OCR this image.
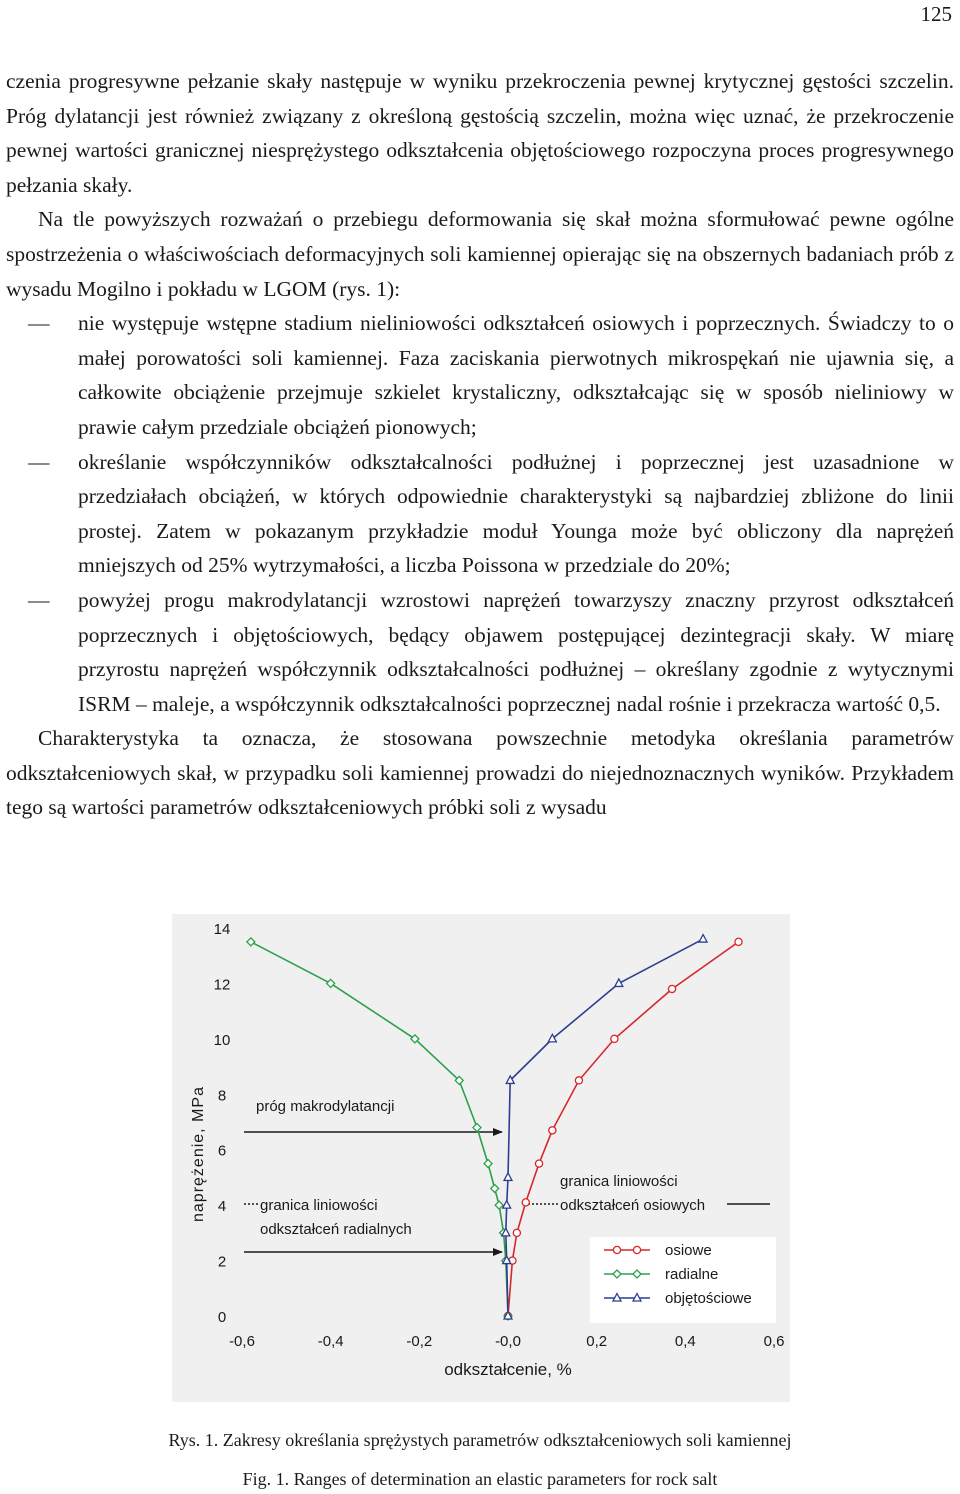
125

czenia progresywne pełzanie skały następuje w wyniku przekroczenia pewnej krytycznej gęstości szczelin. Próg dylatancji jest również związany z określoną gęstością szczelin, można więc uznać, że przekroczenie pewnej wartości granicznej niesprężystego odkształcenia objętościowego rozpoczyna proces progresywnego pełzania skały.

Na tle powyższych rozważań o przebiegu deformowania się skał można sformułować pewne ogólne spostrzeżenia o właściwościach deformacyjnych soli kamiennej opierając się na obszernych badaniach prób z wysadu Mogilno i pokładu w LGOM (rys. 1):

— nie występuje wstępne stadium nieliniowości odkształceń osiowych i poprzecznych. Świadczy to o małej porowatości soli kamiennej. Faza zaciskania pierwotnych mikrospękań nie ujawnia się, a całkowite obciążenie przejmuje szkielet krystaliczny, odkształcając się w sposób nieliniowy w prawie całym przedziale obciążeń pionowych;

— określanie współczynników odkształcalności podłużnej i poprzecznej jest uzasadnione w przedziałach obciążeń, w których odpowiednie charakterystyki są najbardziej zbliżone do linii prostej. Zatem w pokazanym przykładzie moduł Younga może być obliczony dla naprężeń mniejszych od 25% wytrzymałości, a liczba Poissona w przedziale do 20%;

— powyżej progu makrodylatancji wzrostowi naprężeń towarzyszy znaczny przyrost odkształceń poprzecznych i objętościowych, będący objawem postępującej dezintegracji skały. W miarę przyrostu naprężeń współczynnik odkształcalności podłużnej – określany zgodnie z wytycznymi ISRM – maleje, a współczynnik odkształcalności poprzecznej nadal rośnie i przekracza wartość 0,5.

Charakterystyka ta oznacza, że stosowana powszechnie metodyka określania parametrów odkształceniowych skał, w przypadku soli kamiennej prowadzi do niejednoznacznych wyników. Przykładem tego są wartości parametrów odkształceniowych próbki soli z wysadu

0
2
4
6
8
10
12
14
-0,6	-0,4	-0,2	-0,0	0,2	0,4	0,6
naprężenie, MPa
odkształcenie, %
próg makrodylatancji
granica liniowości
odkształceń radialnych
granica liniowości
odkształceń osiowych
osiowe
radialne
objętościowe
Rys. 1. Zakresy określania sprężystych parametrów odkształceniowych soli kamiennej
Fig. 1. Ranges of determination an elastic parameters for rock salt
